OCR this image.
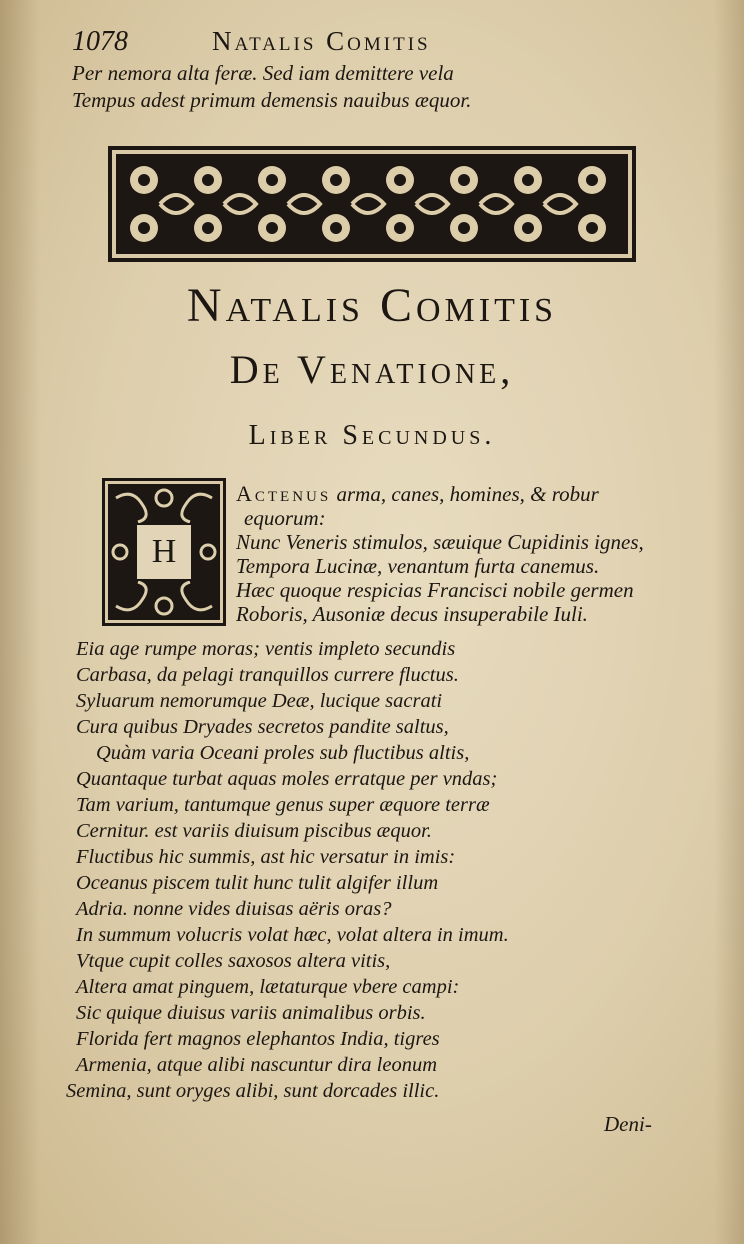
1078	Natalis Comitis
Per nemora alta feræ. Sed iam demittere vela
Tempus adest primum demensis nauibus æquor.
Natalis Comitis
De Venatione,
Liber Secundus.
H
Actenus arma, canes, homines, & robur
equorum:
Nunc Veneris stimulos, sæuique Cupidinis ignes,
Tempora Lucinæ, venantum furta canemus.
Hæc quoque respicias Francisci nobile germen
Roboris, Ausoniæ decus insuperabile Iuli.
Eia age rumpe moras; ventis impleto secundis
Carbasa, da pelagi tranquillos currere fluctus.
Syluarum nemorumque Deæ, lucique sacrati
Cura quibus Dryades secretos pandite saltus,
Quàm varia Oceani proles sub fluctibus altis,
Quantaque turbat aquas moles erratque per vndas;
Tam varium, tantumque genus super æquore terræ
Cernitur. est variis diuisum piscibus æquor.
Fluctibus hic summis, ast hic versatur in imis:
Oceanus piscem tulit hunc tulit algifer illum
Adria. nonne vides diuisas aëris oras?
In summum volucris volat hæc, volat altera in imum.
Vtque cupit colles saxosos altera vitis,
Altera amat pinguem, lætaturque vbere campi:
Sic quique diuisus variis animalibus orbis.
Florida fert magnos elephantos India, tigres
Armenia, atque alibi nascuntur dira leonum
Semina, sunt oryges alibi, sunt dorcades illic.
Deni-
